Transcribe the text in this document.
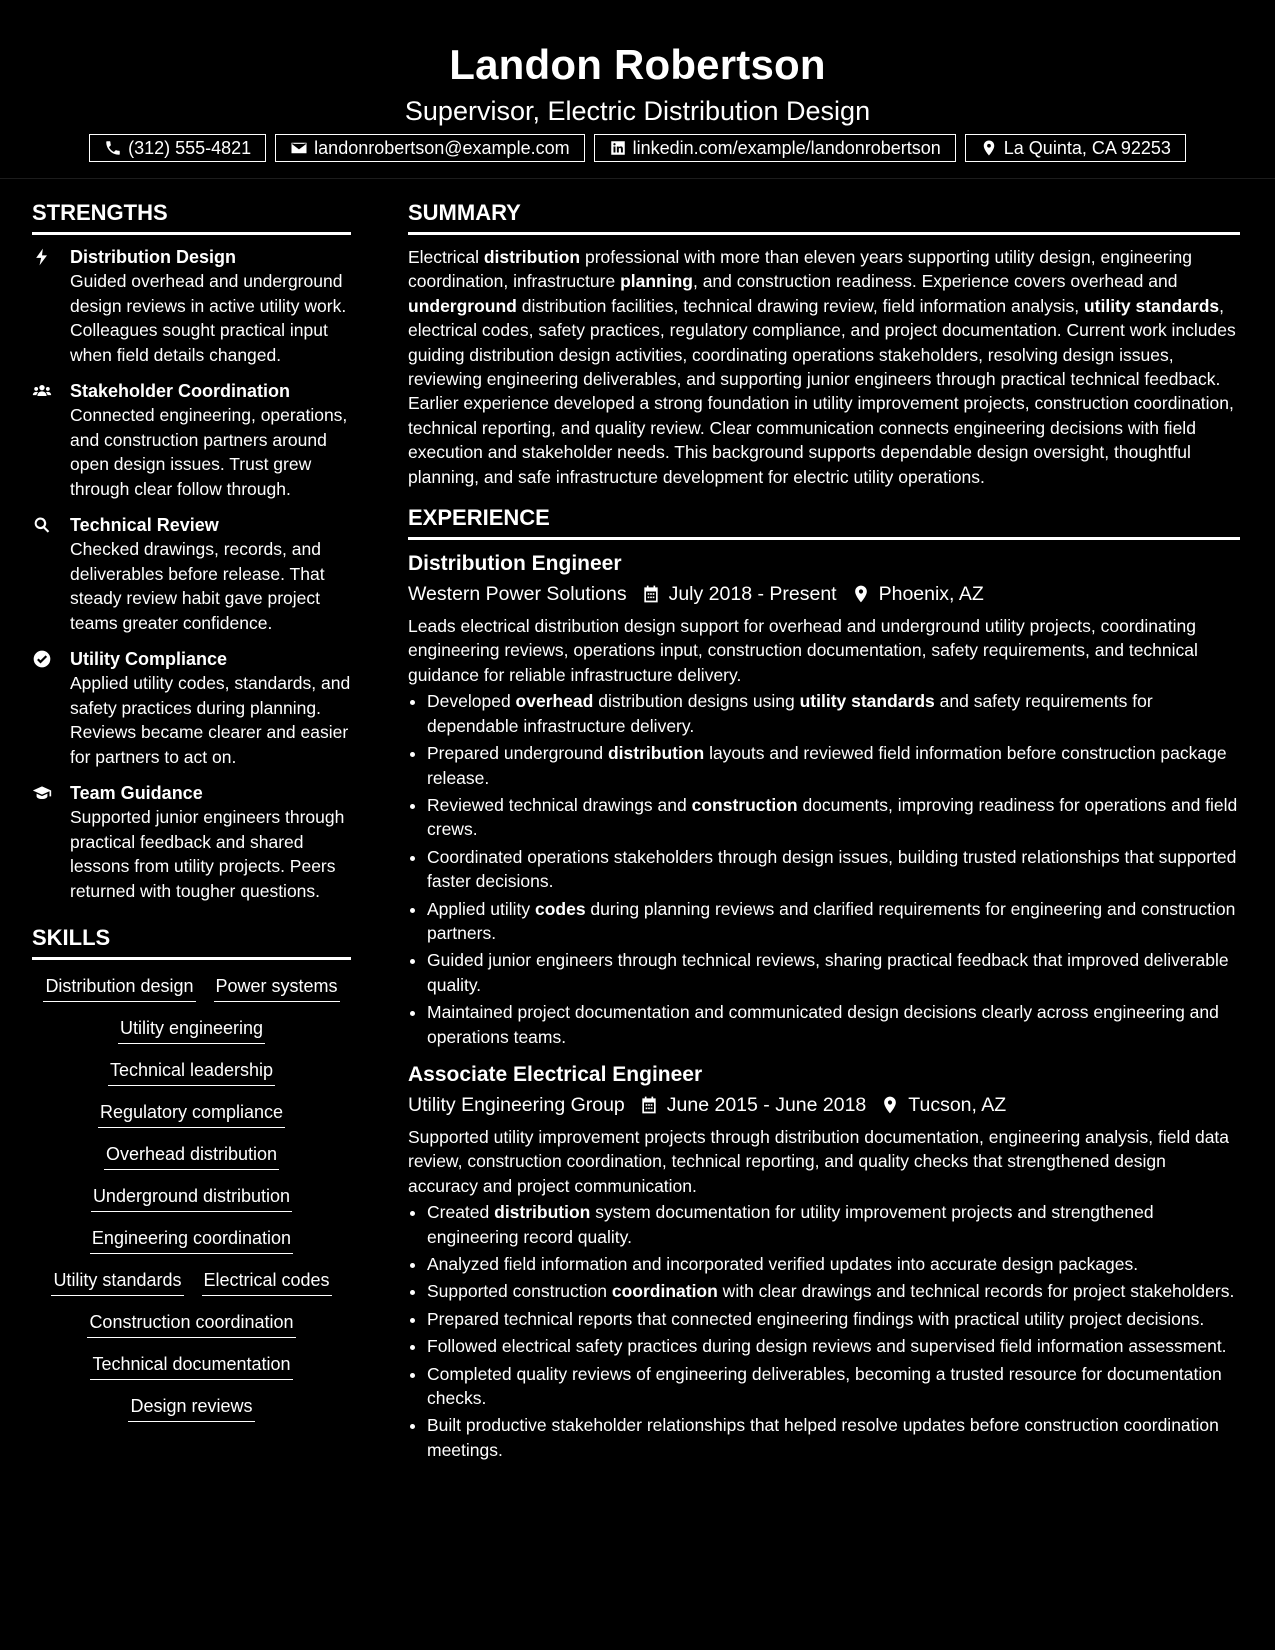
Landon Robertson
Supervisor, Electric Distribution Design
(312) 555-4821	landonrobertson@example.com	linkedin.com/example/landonrobertson	La Quinta, CA 92253
STRENGTHS
Distribution Design
Guided overhead and underground design reviews in active utility work. Colleagues sought practical input when field details changed.
Stakeholder Coordination
Connected engineering, operations, and construction partners around open design issues. Trust grew through clear follow through.
Technical Review
Checked drawings, records, and deliverables before release. That steady review habit gave project teams greater confidence.
Utility Compliance
Applied utility codes, standards, and safety practices during planning. Reviews became clearer and easier for partners to act on.
Team Guidance
Supported junior engineers through practical feedback and shared lessons from utility projects. Peers returned with tougher questions.
SKILLS
Distribution design Power systems
Utility engineering
Technical leadership
Regulatory compliance
Overhead distribution
Underground distribution
Engineering coordination
Utility standards Electrical codes
Construction coordination
Technical documentation
Design reviews
SUMMARY

Electrical distribution professional with more than eleven years supporting utility design, engineering coordination, infrastructure planning, and construction readiness. Experience covers overhead and underground distribution facilities, technical drawing review, field information analysis, utility standards, electrical codes, safety practices, regulatory compliance, and project documentation. Current work includes guiding distribution design activities, coordinating operations stakeholders, resolving design issues, reviewing engineering deliverables, and supporting junior engineers through practical technical feedback. Earlier experience developed a strong foundation in utility improvement projects, construction coordination, technical reporting, and quality review. Clear communication connects engineering decisions with field execution and stakeholder needs. This background supports dependable design oversight, thoughtful planning, and safe infrastructure development for electric utility operations.

EXPERIENCE
Distribution Engineer
Western Power Solutions July 2018 - Present Phoenix, AZ

Leads electrical distribution design support for overhead and underground utility projects, coordinating engineering reviews, operations input, construction documentation, safety requirements, and technical guidance for reliable infrastructure delivery.

• Developed overhead distribution designs using utility standards and safety requirements for dependable infrastructure delivery.
• Prepared underground distribution layouts and reviewed field information before construction package release.
• Reviewed technical drawings and construction documents, improving readiness for operations and field crews.
• Coordinated operations stakeholders through design issues, building trusted relationships that supported faster decisions.
• Applied utility codes during planning reviews and clarified requirements for engineering and construction partners.
• Guided junior engineers through technical reviews, sharing practical feedback that improved deliverable quality.
• Maintained project documentation and communicated design decisions clearly across engineering and operations teams.
Associate Electrical Engineer
Utility Engineering Group June 2015 - June 2018 Tucson, AZ

Supported utility improvement projects through distribution documentation, engineering analysis, field data review, construction coordination, technical reporting, and quality checks that strengthened design accuracy and project communication.

• Created distribution system documentation for utility improvement projects and strengthened engineering record quality.
• Analyzed field information and incorporated verified updates into accurate design packages.
• Supported construction coordination with clear drawings and technical records for project stakeholders.
• Prepared technical reports that connected engineering findings with practical utility project decisions.
• Followed electrical safety practices during design reviews and supervised field information assessment.
• Completed quality reviews of engineering deliverables, becoming a trusted resource for documentation checks.
• Built productive stakeholder relationships that helped resolve updates before construction coordination meetings.
